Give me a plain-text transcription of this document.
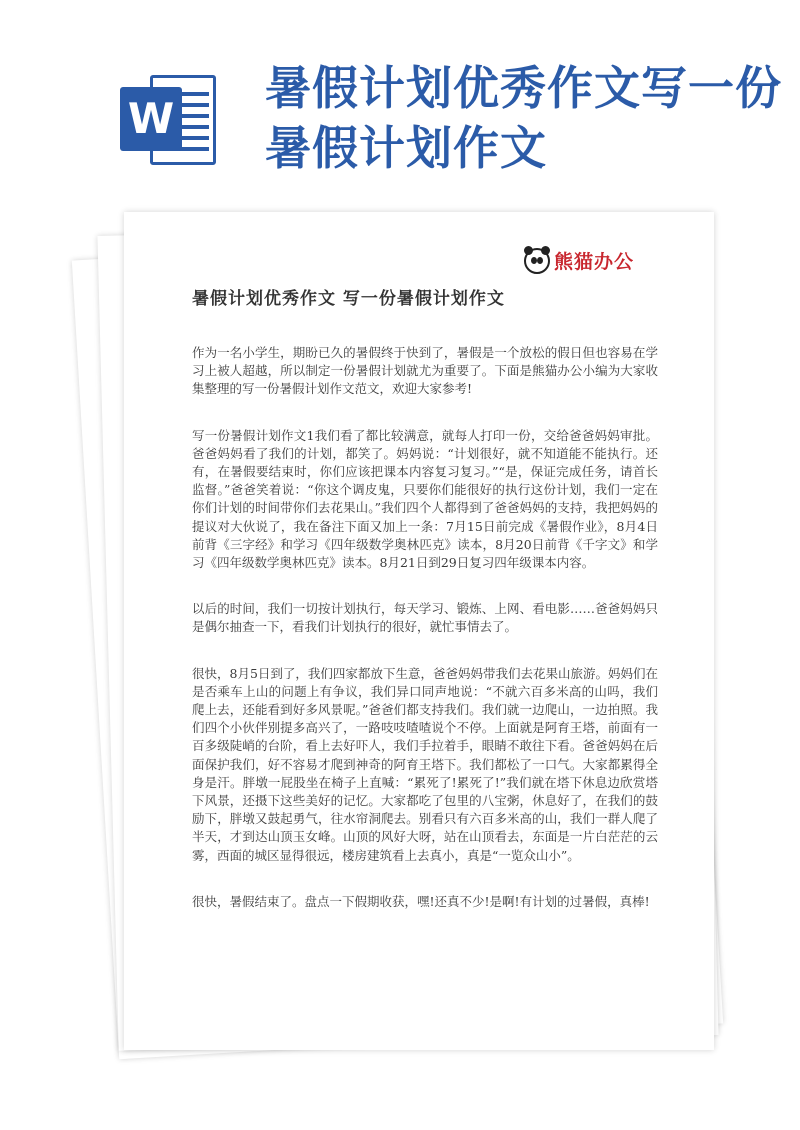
W
暑假计划优秀作文写一份暑假计划作文
熊猫办公
暑假计划优秀作文 写一份暑假计划作文

作为一名小学生，期盼已久的暑假终于快到了，暑假是一个放松的假日但也容易在学习上被人超越，所以制定一份暑假计划就尤为重要了。下面是熊猫办公小编为大家收集整理的写一份暑假计划作文范文，欢迎大家参考!

写一份暑假计划作文1我们看了都比较满意，就每人打印一份，交给爸爸妈妈审批。爸爸妈妈看了我们的计划，都笑了。妈妈说：“计划很好，就不知道能不能执行。还有，在暑假要结束时，你们应该把课本内容复习复习。”“是，保证完成任务，请首长监督。”爸爸笑着说：“你这个调皮鬼，只要你们能很好的执行这份计划，我们一定在你们计划的时间带你们去花果山。”我们四个人都得到了爸爸妈妈的支持，我把妈妈的提议对大伙说了，我在备注下面又加上一条：7月15日前完成《暑假作业》，8月4日前背《三字经》和学习《四年级数学奥林匹克》读本，8月20日前背《千字文》和学习《四年级数学奥林匹克》读本。8月21日到29日复习四年级课本内容。

以后的时间，我们一切按计划执行，每天学习、锻炼、上网、看电影……爸爸妈妈只是偶尔抽查一下，看我们计划执行的很好，就忙事情去了。

很快，8月5日到了，我们四家都放下生意，爸爸妈妈带我们去花果山旅游。妈妈们在是否乘车上山的问题上有争议，我们异口同声地说：“不就六百多米高的山吗，我们爬上去，还能看到好多风景呢。”爸爸们都支持我们。我们就一边爬山，一边拍照。我们四个小伙伴别提多高兴了，一路吱吱喳喳说个不停。上面就是阿育王塔，前面有一百多级陡峭的台阶，看上去好吓人，我们手拉着手，眼睛不敢往下看。爸爸妈妈在后面保护我们，好不容易才爬到神奇的阿育王塔下。我们都松了一口气。大家都累得全身是汗。胖墩一屁股坐在椅子上直喊：“累死了!累死了!”我们就在塔下休息边欣赏塔下风景，还摄下这些美好的记忆。大家都吃了包里的八宝粥，休息好了，在我们的鼓励下，胖墩又鼓起勇气，往水帘洞爬去。别看只有六百多米高的山，我们一群人爬了半天，才到达山顶玉女峰。山顶的风好大呀，站在山顶看去，东面是一片白茫茫的云雾，西面的城区显得很远，楼房建筑看上去真小，真是“一览众山小”。

很快，暑假结束了。盘点一下假期收获，嘿!还真不少!是啊!有计划的过暑假，真棒!
